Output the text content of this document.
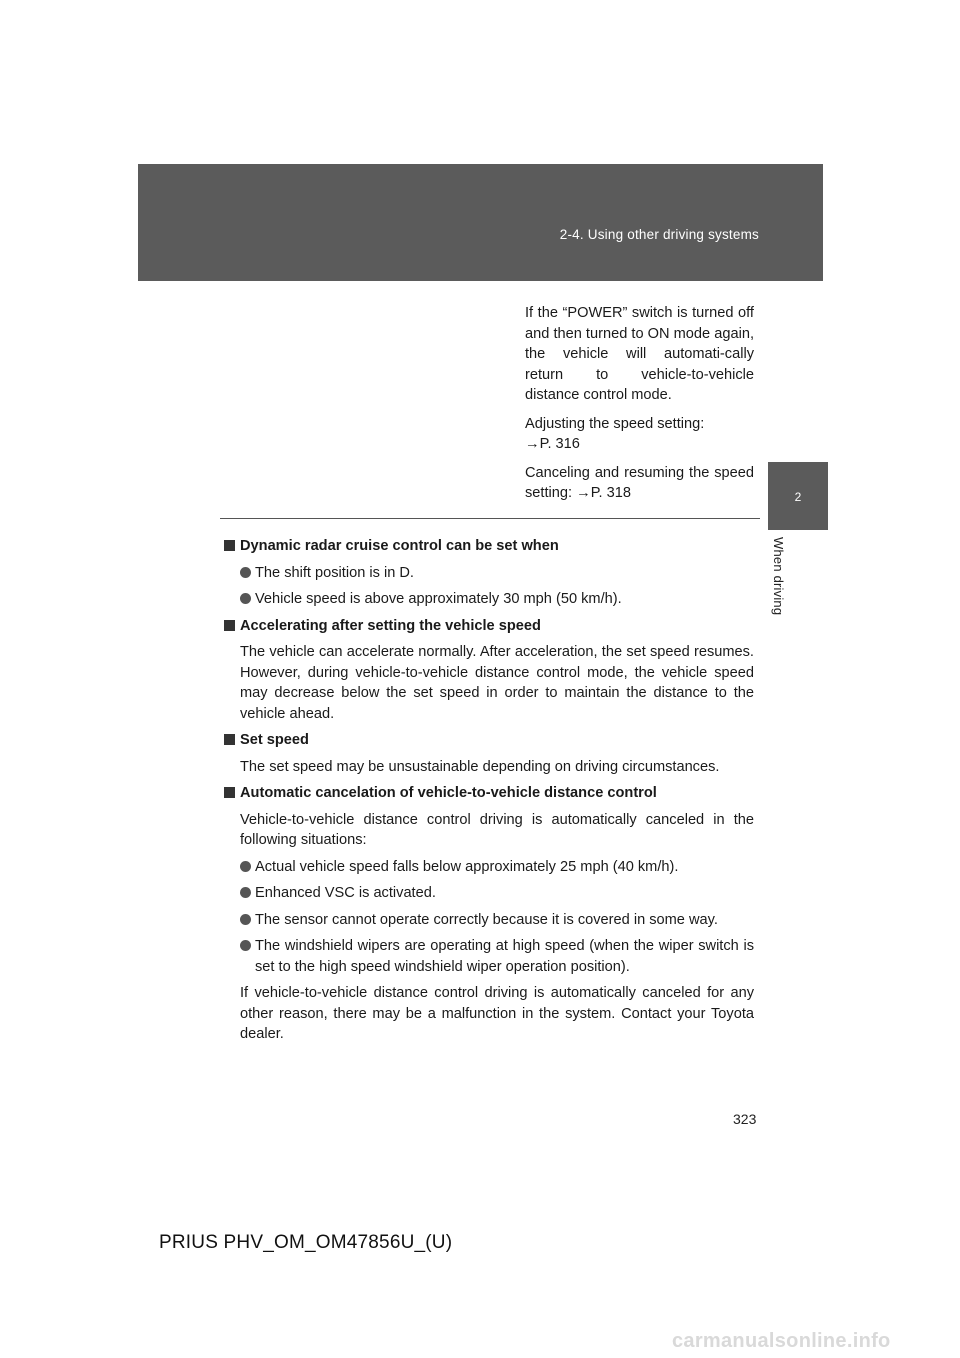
2-4. Using other driving systems
2
When driving

If the “POWER” switch is turned off and then turned to ON mode again, the vehicle will automati-cally return to vehicle-to-vehicle distance control mode.

Adjusting the speed setting:
→P. 316

Canceling and resuming the speed setting: →P. 318

Dynamic radar cruise control can be set when
The shift position is in D.
Vehicle speed is above approximately 30 mph (50 km/h).
Accelerating after setting the vehicle speed
The vehicle can accelerate normally. After acceleration, the set speed resumes. However, during vehicle-to-vehicle distance control mode, the vehicle speed may decrease below the set speed in order to maintain the distance to the vehicle ahead.
Set speed
The set speed may be unsustainable depending on driving circumstances.
Automatic cancelation of vehicle-to-vehicle distance control
Vehicle-to-vehicle distance control driving is automatically canceled in the following situations:
Actual vehicle speed falls below approximately 25 mph (40 km/h).
Enhanced VSC is activated.
The sensor cannot operate correctly because it is covered in some way.
The windshield wipers are operating at high speed (when the wiper switch is set to the high speed windshield wiper operation position).
If vehicle-to-vehicle distance control driving is automatically canceled for any other reason, there may be a malfunction in the system. Contact your Toyota dealer.
323
PRIUS PHV_OM_OM47856U_(U)
carmanualsonline.info
